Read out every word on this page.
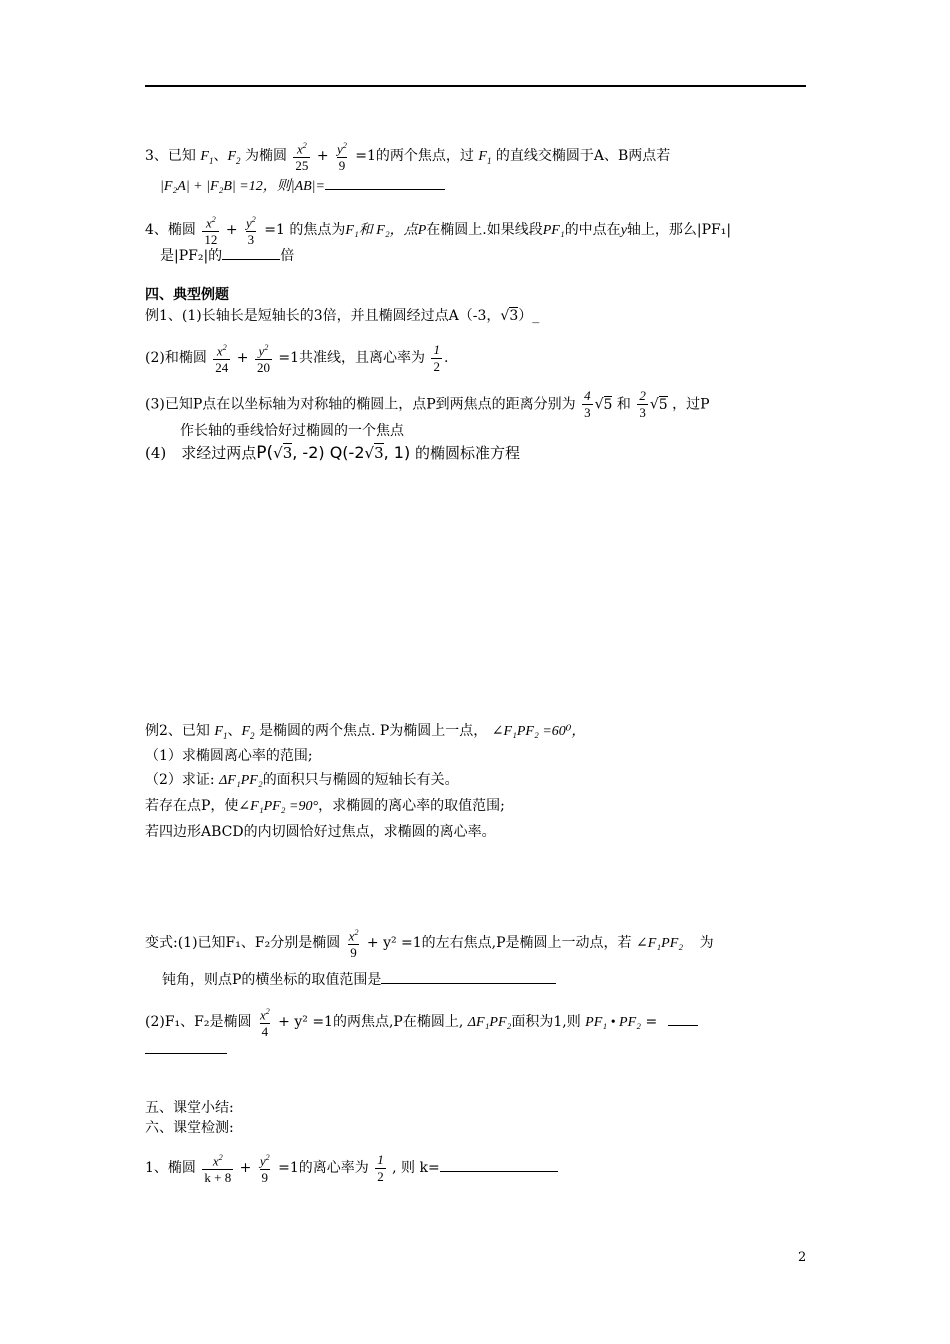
3、已知 $F_1$、$F_2$ 为椭圆 $\frac{x^2}{25} + \frac{y^2}{9} =1$的两个焦点，过 $F_1$ 的直线交椭圆于A、B两点若
|F₂A| + |F₂B| =12，则|AB|=
4、椭圆 $\frac{x^2}{12} + \frac{y^2}{3} =1$ 的焦点为F₁和 F₂，点P在椭圆上.如果线段PF₁的中点在y轴上，那么|PF₁|
是|PF₂|的	倍
四、典型例题
例1、(1)长轴长是短轴长的3倍，并且椭圆经过点A（-3，√3）_
(2)和椭圆 $\frac{x^2}{24} + \frac{y^2}{20} =1$共准线，且离心率为 $\frac{1}{2}$ .
(3)已知P点在以坐标轴为对称轴的椭圆上，点P到两焦点的距离分别为 $\frac{4}{3} √5$ 和 $\frac{2}{3} √5$ ，过P
作长轴的垂线恰好过椭圆的一个焦点
(4)　求经过两点P(√3, -2) Q(-2√3, 1) 的椭圆标准方程
例2、已知 $F_1$、$F_2$ 是椭圆的两个焦点. P为椭圆上一点， ∠F₁PF₂ =60⁰，
（1）求椭圆离心率的范围;
（2）求证: ΔF₁PF₂的面积只与椭圆的短轴长有关。
若存在点P，使∠F₁PF₂ =90°，求椭圆的离心率的取值范围;
若四边形ABCD的内切圆恰好过焦点，求椭圆的离心率。
变式:(1)已知F₁、F₂分别是椭圆 $\frac{x^2}{9} + y^2 =1$的左右焦点,P是椭圆上一动点，若 ∠F₁PF₂ 为
钝角，则点P的横坐标的取值范围是
(2)F₁、F₂是椭圆 $\frac{x^2}{4} + y^2 =1$的两焦点,P在椭圆上, ΔF₁PF₂面积为1,则 PF₁ • PF₂ =
五、课堂小结:
六、课堂检测:
1、椭圆 $\frac{x^2}{k + 8} + \frac{y^2}{9} =1$的离心率为 $\frac{1}{2}$ , 则 k=
2
